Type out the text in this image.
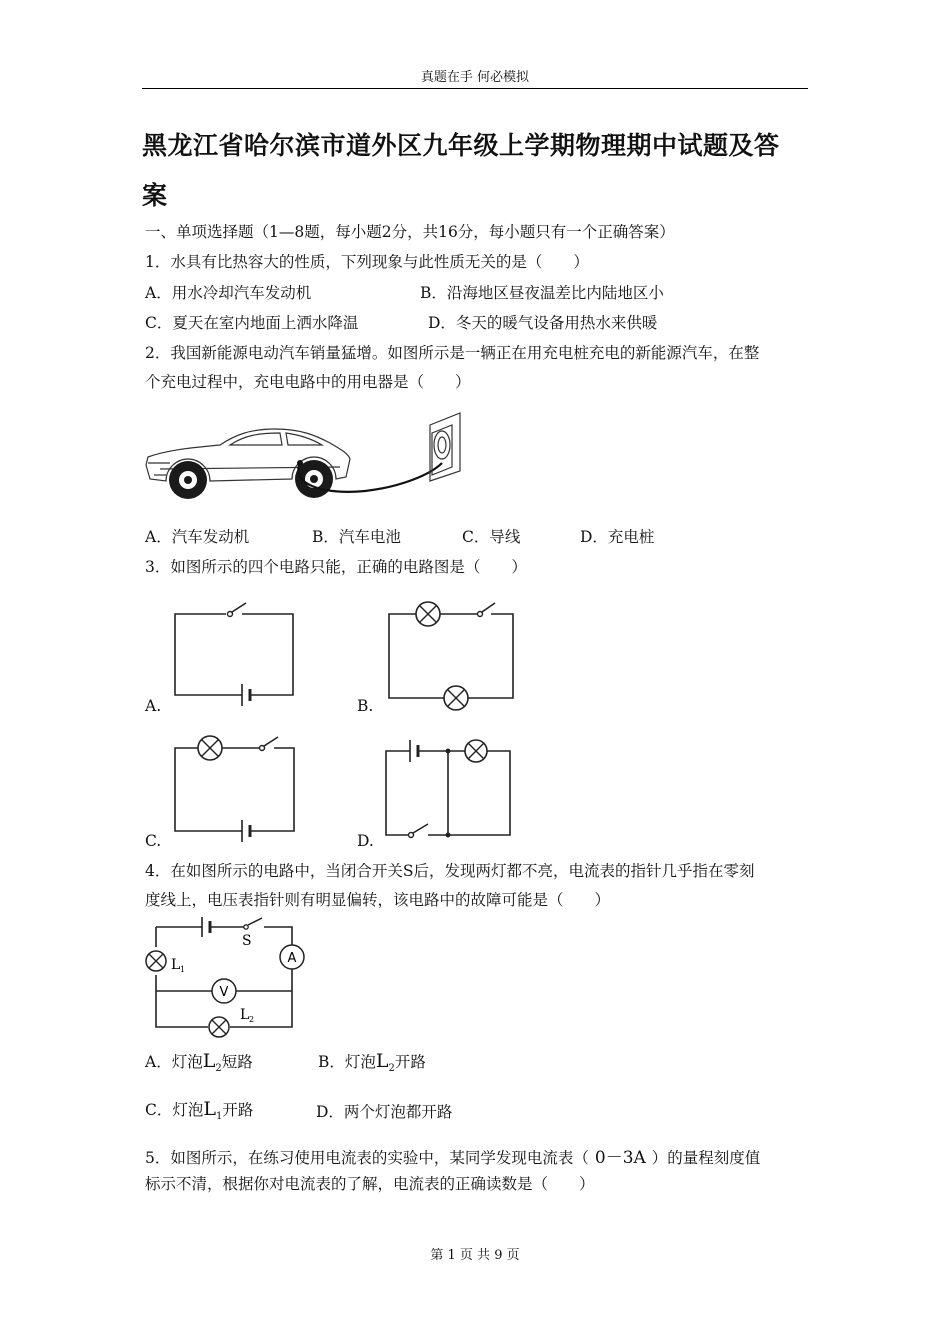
真题在手 何必模拟
黑龙江省哈尔滨市道外区九年级上学期物理期中试题及答
案
一、单项选择题（1—8题，每小题2分，共16分，每小题只有一个正确答案）
1．水具有比热容大的性质，下列现象与此性质无关的是（　　）
A．用水冷却汽车发动机	B．沿海地区昼夜温差比内陆地区小
C．夏天在室内地面上洒水降温	D．冬天的暖气设备用热水来供暖
2．我国新能源电动汽车销量猛增。如图所示是一辆正在用充电桩充电的新能源汽车，在整
个充电过程中，充电电路中的用电器是（　　）
A．汽车发动机	B．汽车电池	C．导线	D．充电桩
3．如图所示的四个电路只能，正确的电路图是（　　）
A.	B.
C.	D.
4．在如图所示的电路中，当闭合开关S后，发现两灯都不亮，电流表的指针几乎指在零刻
度线上，电压表指针则有明显偏转，该电路中的故障可能是（　　）
S
L 1
A
V
L 2
A．灯泡$L_2$短路	B．灯泡$L_2$开路
C．灯泡$L_1$开路	D．两个灯泡都开路
5．如图所示，在练习使用电流表的实验中，某同学发现电流表（ 0－3A ）的量程刻度值
标示不清，根据你对电流表的了解，电流表的正确读数是（　　）
第 1 页 共 9 页
